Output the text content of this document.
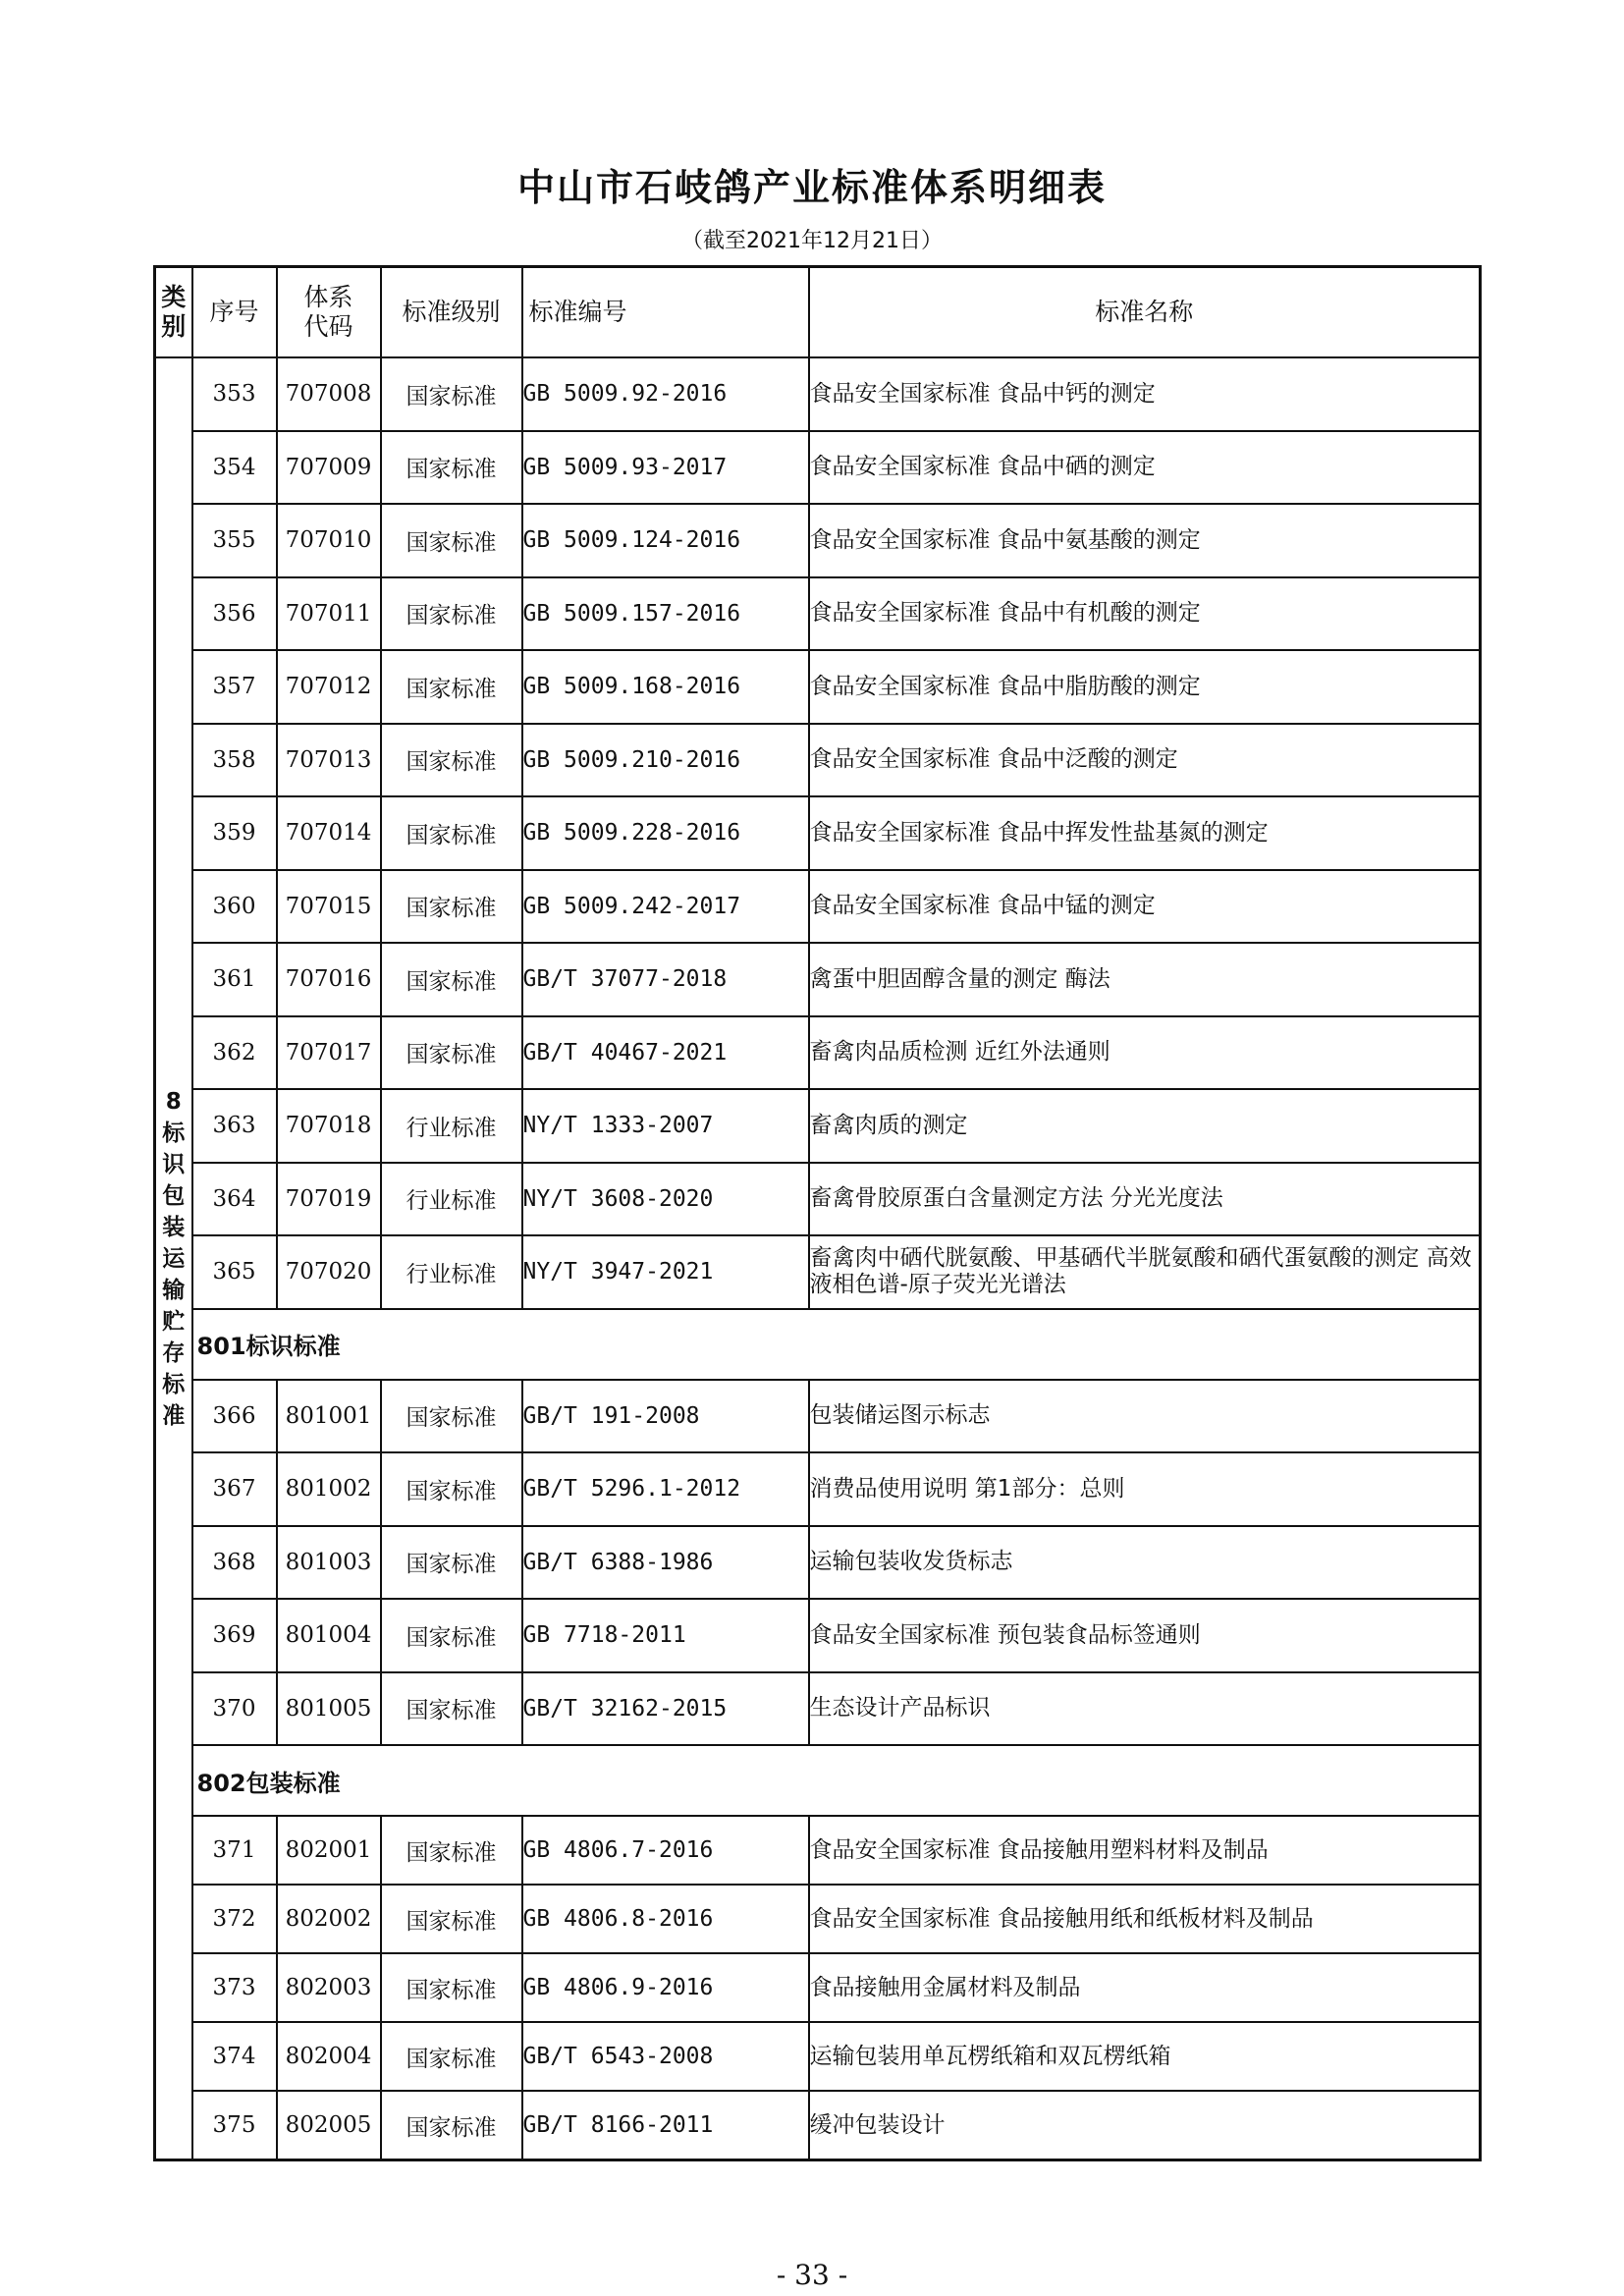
中山市石岐鸽产业标准体系明细表
（截至2021年12月21日）
类别	序号	体系代码	标准级别	标准编号	标准名称

8标识包装运输贮存标准	353	707008	国家标准	GB 5009.92-2016	食品安全国家标准 食品中钙的测定
	354	707009	国家标准	GB 5009.93-2017	食品安全国家标准 食品中硒的测定
	355	707010	国家标准	GB 5009.124-2016	食品安全国家标准 食品中氨基酸的测定
	356	707011	国家标准	GB 5009.157-2016	食品安全国家标准 食品中有机酸的测定
	357	707012	国家标准	GB 5009.168-2016	食品安全国家标准 食品中脂肪酸的测定
	358	707013	国家标准	GB 5009.210-2016	食品安全国家标准 食品中泛酸的测定
	359	707014	国家标准	GB 5009.228-2016	食品安全国家标准 食品中挥发性盐基氮的测定
	360	707015	国家标准	GB 5009.242-2017	食品安全国家标准 食品中锰的测定
	361	707016	国家标准	GB/T 37077-2018	禽蛋中胆固醇含量的测定 酶法
	362	707017	国家标准	GB/T 40467-2021	畜禽肉品质检测 近红外法通则
	363	707018	行业标准	NY/T 1333-2007	畜禽肉质的测定
	364	707019	行业标准	NY/T 3608-2020	畜禽骨胶原蛋白含量测定方法 分光光度法
	365	707020	行业标准	NY/T 3947-2021	畜禽肉中硒代胱氨酸、甲基硒代半胱氨酸和硒代蛋氨酸的测定 高效液相色谱-原子荧光光谱法
	801标识标准				
	366	801001	国家标准	GB/T 191-2008	包装储运图示标志
	367	801002	国家标准	GB/T 5296.1-2012	消费品使用说明 第1部分：总则
	368	801003	国家标准	GB/T 6388-1986	运输包装收发货标志
	369	801004	国家标准	GB 7718-2011	食品安全国家标准 预包装食品标签通则
	370	801005	国家标准	GB/T 32162-2015	生态设计产品标识
	802包装标准				
	371	802001	国家标准	GB 4806.7-2016	食品安全国家标准 食品接触用塑料材料及制品
	372	802002	国家标准	GB 4806.8-2016	食品安全国家标准 食品接触用纸和纸板材料及制品
	373	802003	国家标准	GB 4806.9-2016	食品接触用金属材料及制品
	374	802004	国家标准	GB/T 6543-2008	运输包装用单瓦楞纸箱和双瓦楞纸箱
	375	802005	国家标准	GB/T 8166-2011	缓冲包装设计
- 33 -
